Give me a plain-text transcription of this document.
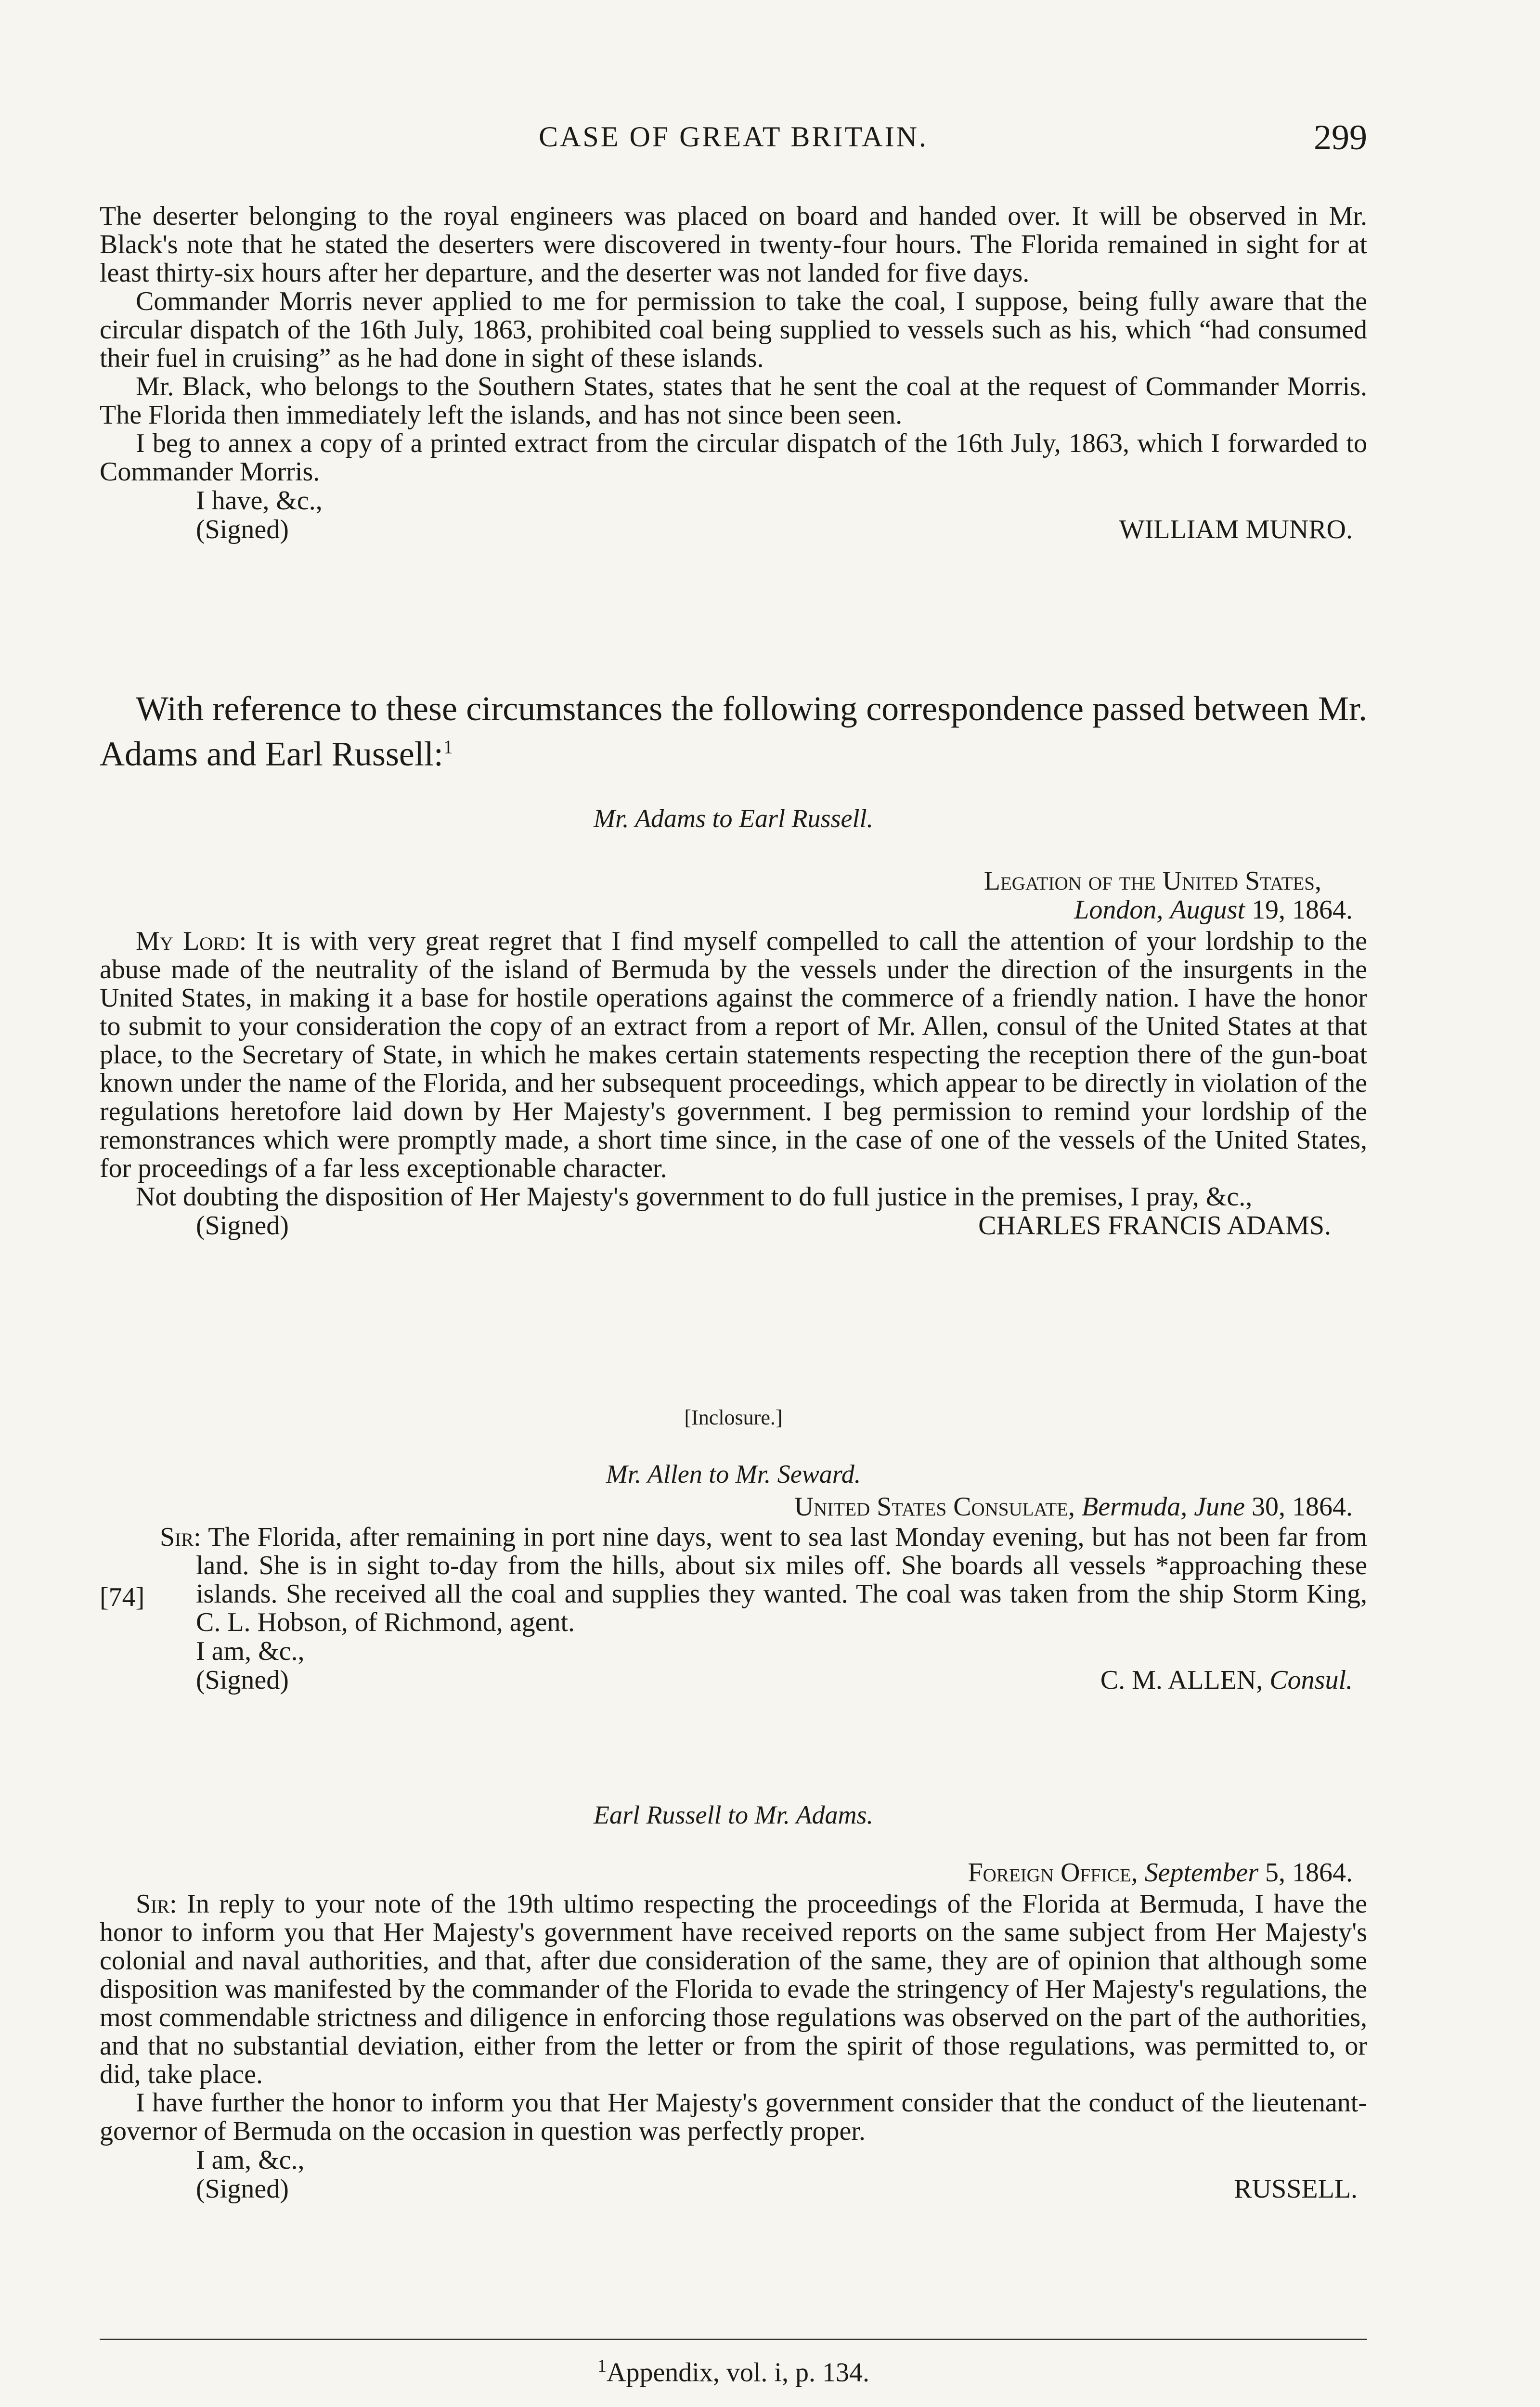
CASE OF GREAT BRITAIN.	299

The deserter belonging to the royal engineers was placed on board and handed over. It will be observed in Mr. Black's note that he stated the deserters were discovered in twenty-four hours. The Florida remained in sight for at least thirty-six hours after her departure, and the deserter was not landed for five days.

Commander Morris never applied to me for permission to take the coal, I suppose, being fully aware that the circular dispatch of the 16th July, 1863, prohibited coal being supplied to vessels such as his, which “had consumed their fuel in cruising” as he had done in sight of these islands.

Mr. Black, who belongs to the Southern States, states that he sent the coal at the request of Commander Morris. The Florida then immediately left the islands, and has not since been seen.

I beg to annex a copy of a printed extract from the circular dispatch of the 16th July, 1863, which I forwarded to Commander Morris.

I have, &c.,

(Signed)	WILLIAM MUNRO.

With reference to these circumstances the following correspondence passed between Mr. Adams and Earl Russell:$^1$

Mr. Adams to Earl Russell.

Legation of the United States,

London, August 19, 1864.

My Lord: It is with very great regret that I find myself compelled to call the attention of your lordship to the abuse made of the neutrality of the island of Bermuda by the vessels under the direction of the insurgents in the United States, in making it a base for hostile operations against the commerce of a friendly nation. I have the honor to submit to your consideration the copy of an extract from a report of Mr. Allen, consul of the United States at that place, to the Secretary of State, in which he makes certain statements respecting the reception there of the gun-boat known under the name of the Florida, and her subsequent proceedings, which appear to be directly in violation of the regulations heretofore laid down by Her Majesty's government. I beg permission to remind your lordship of the remonstrances which were promptly made, a short time since, in the case of one of the vessels of the United States, for proceedings of a far less exceptionable character.

Not doubting the disposition of Her Majesty's government to do full justice in the premises, I pray, &c.,

(Signed)	CHARLES FRANCIS ADAMS.

[Inclosure.]

Mr. Allen to Mr. Seward.

United States Consulate, Bermuda, June 30, 1864.

[74]

Sir: The Florida, after remaining in port nine days, went to sea last Monday evening, but has not been far from land. She is in sight to-day from the hills, about six miles off. She boards all vessels *approaching these islands. She received all the coal and supplies they wanted. The coal was taken from the ship Storm King, C. L. Hobson, of Richmond, agent.

I am, &c.,

(Signed)	C. M. ALLEN, Consul.

Earl Russell to Mr. Adams.

Foreign Office, September 5, 1864.

Sir: In reply to your note of the 19th ultimo respecting the proceedings of the Florida at Bermuda, I have the honor to inform you that Her Majesty's government have received reports on the same subject from Her Majesty's colonial and naval authorities, and that, after due consideration of the same, they are of opinion that although some disposition was manifested by the commander of the Florida to evade the stringency of Her Majesty's regulations, the most commendable strictness and diligence in enforcing those regulations was observed on the part of the authorities, and that no substantial deviation, either from the letter or from the spirit of those regulations, was permitted to, or did, take place.

I have further the honor to inform you that Her Majesty's government consider that the conduct of the lieutenant-governor of Bermuda on the occasion in question was perfectly proper.

I am, &c.,

(Signed)	RUSSELL.
$^1$Appendix, vol. i, p. 134.
